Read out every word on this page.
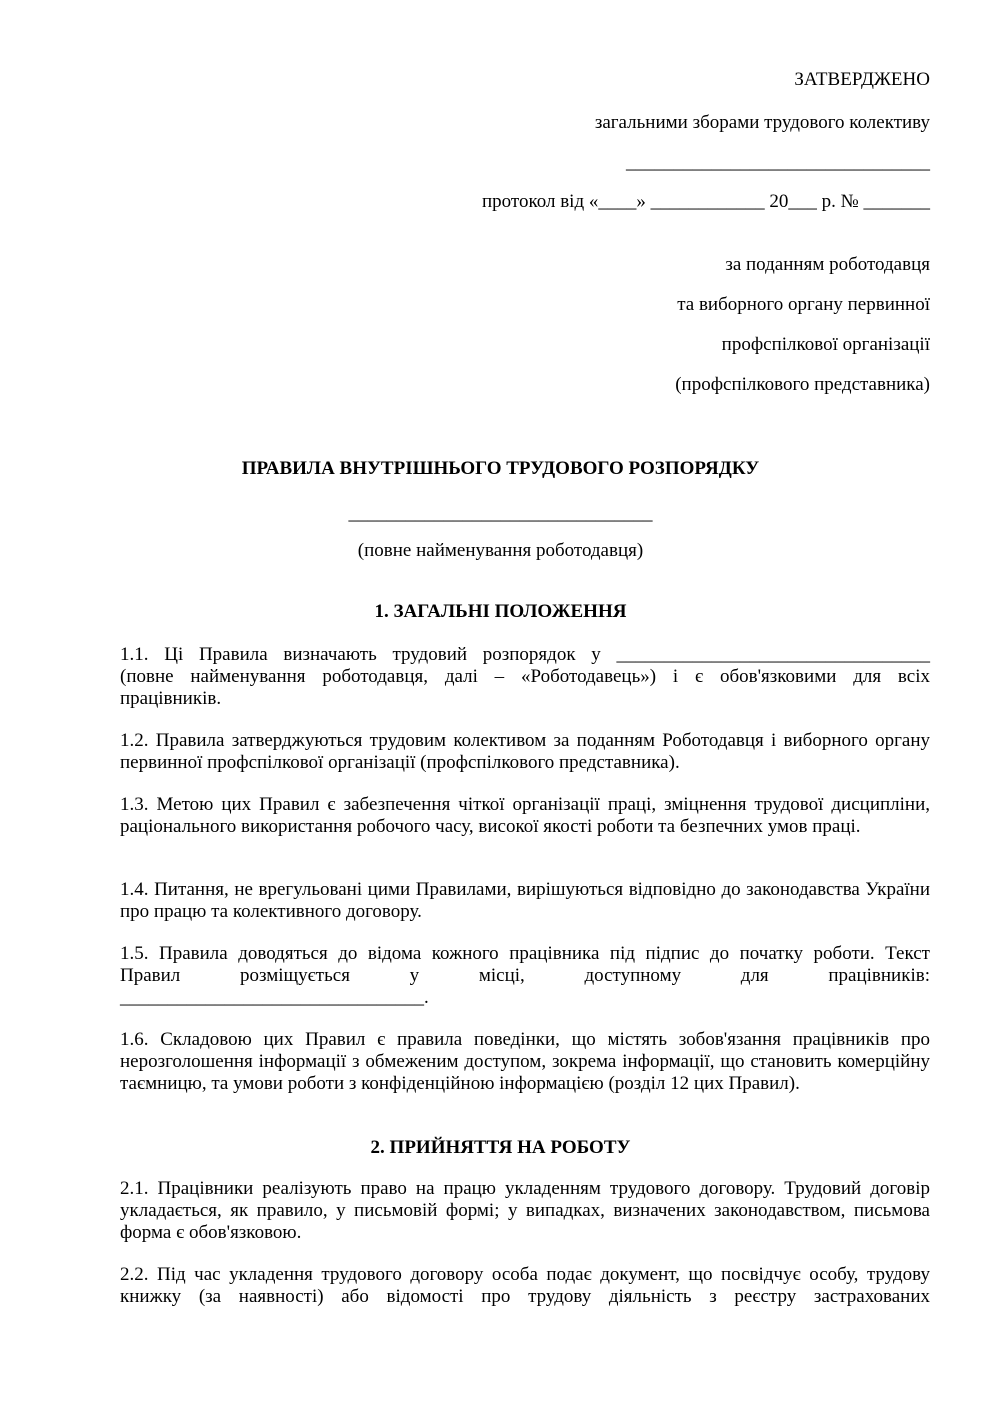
ЗАТВЕРДЖЕНО
загальними зборами трудового колективу
________________________________
протокол від «____» ____________ 20___ р. № _______
за поданням роботодавця
та виборного органу первинної
профспілкової організації
(профспілкового представника)
ПРАВИЛА ВНУТРІШНЬОГО ТРУДОВОГО РОЗПОРЯДКУ
________________________________
(повне найменування роботодавця)
1. ЗАГАЛЬНІ ПОЛОЖЕННЯ
1.1. Ці Правила визначають трудовий розпорядок у _________________________________
(повне найменування роботодавця, далі – «Роботодавець») і є обов'язковими для всіх
працівників.
1.2. Правила затверджуються трудовим колективом за поданням Роботодавця і виборного органу первинної профспілкової організації (профспілкового представника).
1.3. Метою цих Правил є забезпечення чіткої організації праці, зміцнення трудової дисципліни, раціонального використання робочого часу, високої якості роботи та безпечних умов праці.
1.4. Питання, не врегульовані цими Правилами, вирішуються відповідно до законодавства України про працю та колективного договору.
1.5. Правила доводяться до відома кожного працівника під підпис до початку роботи. Текст
Правил розміщується у місці, доступному для працівників:
________________________________.
1.6. Складовою цих Правил є правила поведінки, що містять зобов'язання працівників про нерозголошення інформації з обмеженим доступом, зокрема інформації, що становить комерційну таємницю, та умови роботи з конфіденційною інформацією (розділ 12 цих Правил).
2. ПРИЙНЯТТЯ НА РОБОТУ
2.1. Працівники реалізують право на працю укладенням трудового договору. Трудовий договір укладається, як правило, у письмовій формі; у випадках, визначених законодавством, письмова форма є обов'язковою.
2.2. Під час укладення трудового договору особа подає документ, що посвідчує особу, трудову книжку (за наявності) або відомості про трудову діяльність з реєстру застрахованих
